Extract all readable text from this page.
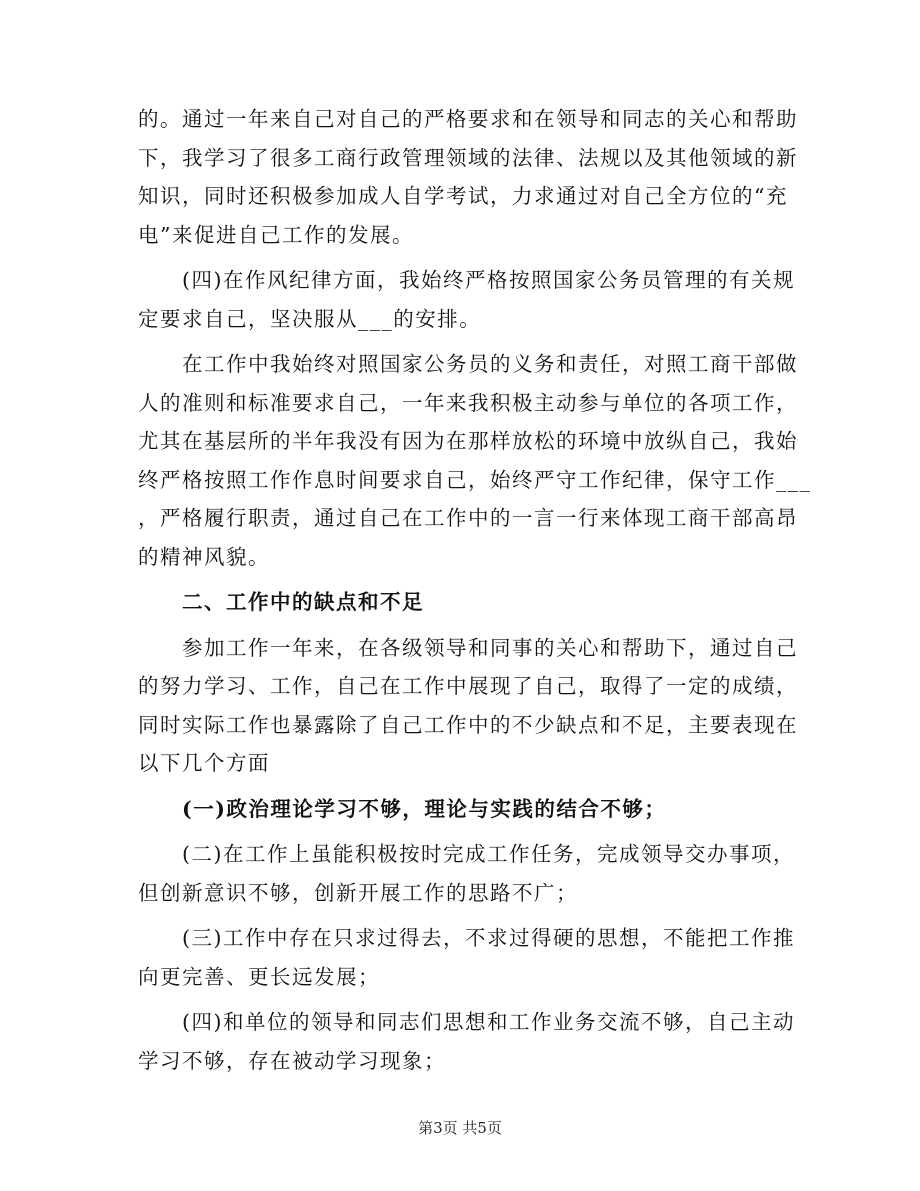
的。通过一年来自己对自己的严格要求和在领导和同志的关心和帮助
下，我学习了很多工商行政管理领域的法律、法规以及其他领域的新
知识，同时还积极参加成人自学考试，力求通过对自己全方位的“充
电”来促进自己工作的发展。

　　(四)在作风纪律方面，我始终严格按照国家公务员管理的有关规
定要求自己，坚决服从___的安排。

　　在工作中我始终对照国家公务员的义务和责任，对照工商干部做
人的准则和标准要求自己，一年来我积极主动参与单位的各项工作，
尤其在基层所的半年我没有因为在那样放松的环境中放纵自己，我始
终严格按照工作作息时间要求自己，始终严守工作纪律，保守工作___
，严格履行职责，通过自己在工作中的一言一行来体现工商干部高昂
的精神风貌。

　　二、工作中的缺点和不足

　　参加工作一年来，在各级领导和同事的关心和帮助下，通过自己
的努力学习、工作，自己在工作中展现了自己，取得了一定的成绩，
同时实际工作也暴露除了自己工作中的不少缺点和不足，主要表现在
以下几个方面

　　(一)政治理论学习不够，理论与实践的结合不够；

　　(二)在工作上虽能积极按时完成工作任务，完成领导交办事项，
但创新意识不够，创新开展工作的思路不广；

　　(三)工作中存在只求过得去，不求过得硬的思想，不能把工作推
向更完善、更长远发展；

　　(四)和单位的领导和同志们思想和工作业务交流不够，自己主动
学习不够，存在被动学习现象；

第3页 共5页
